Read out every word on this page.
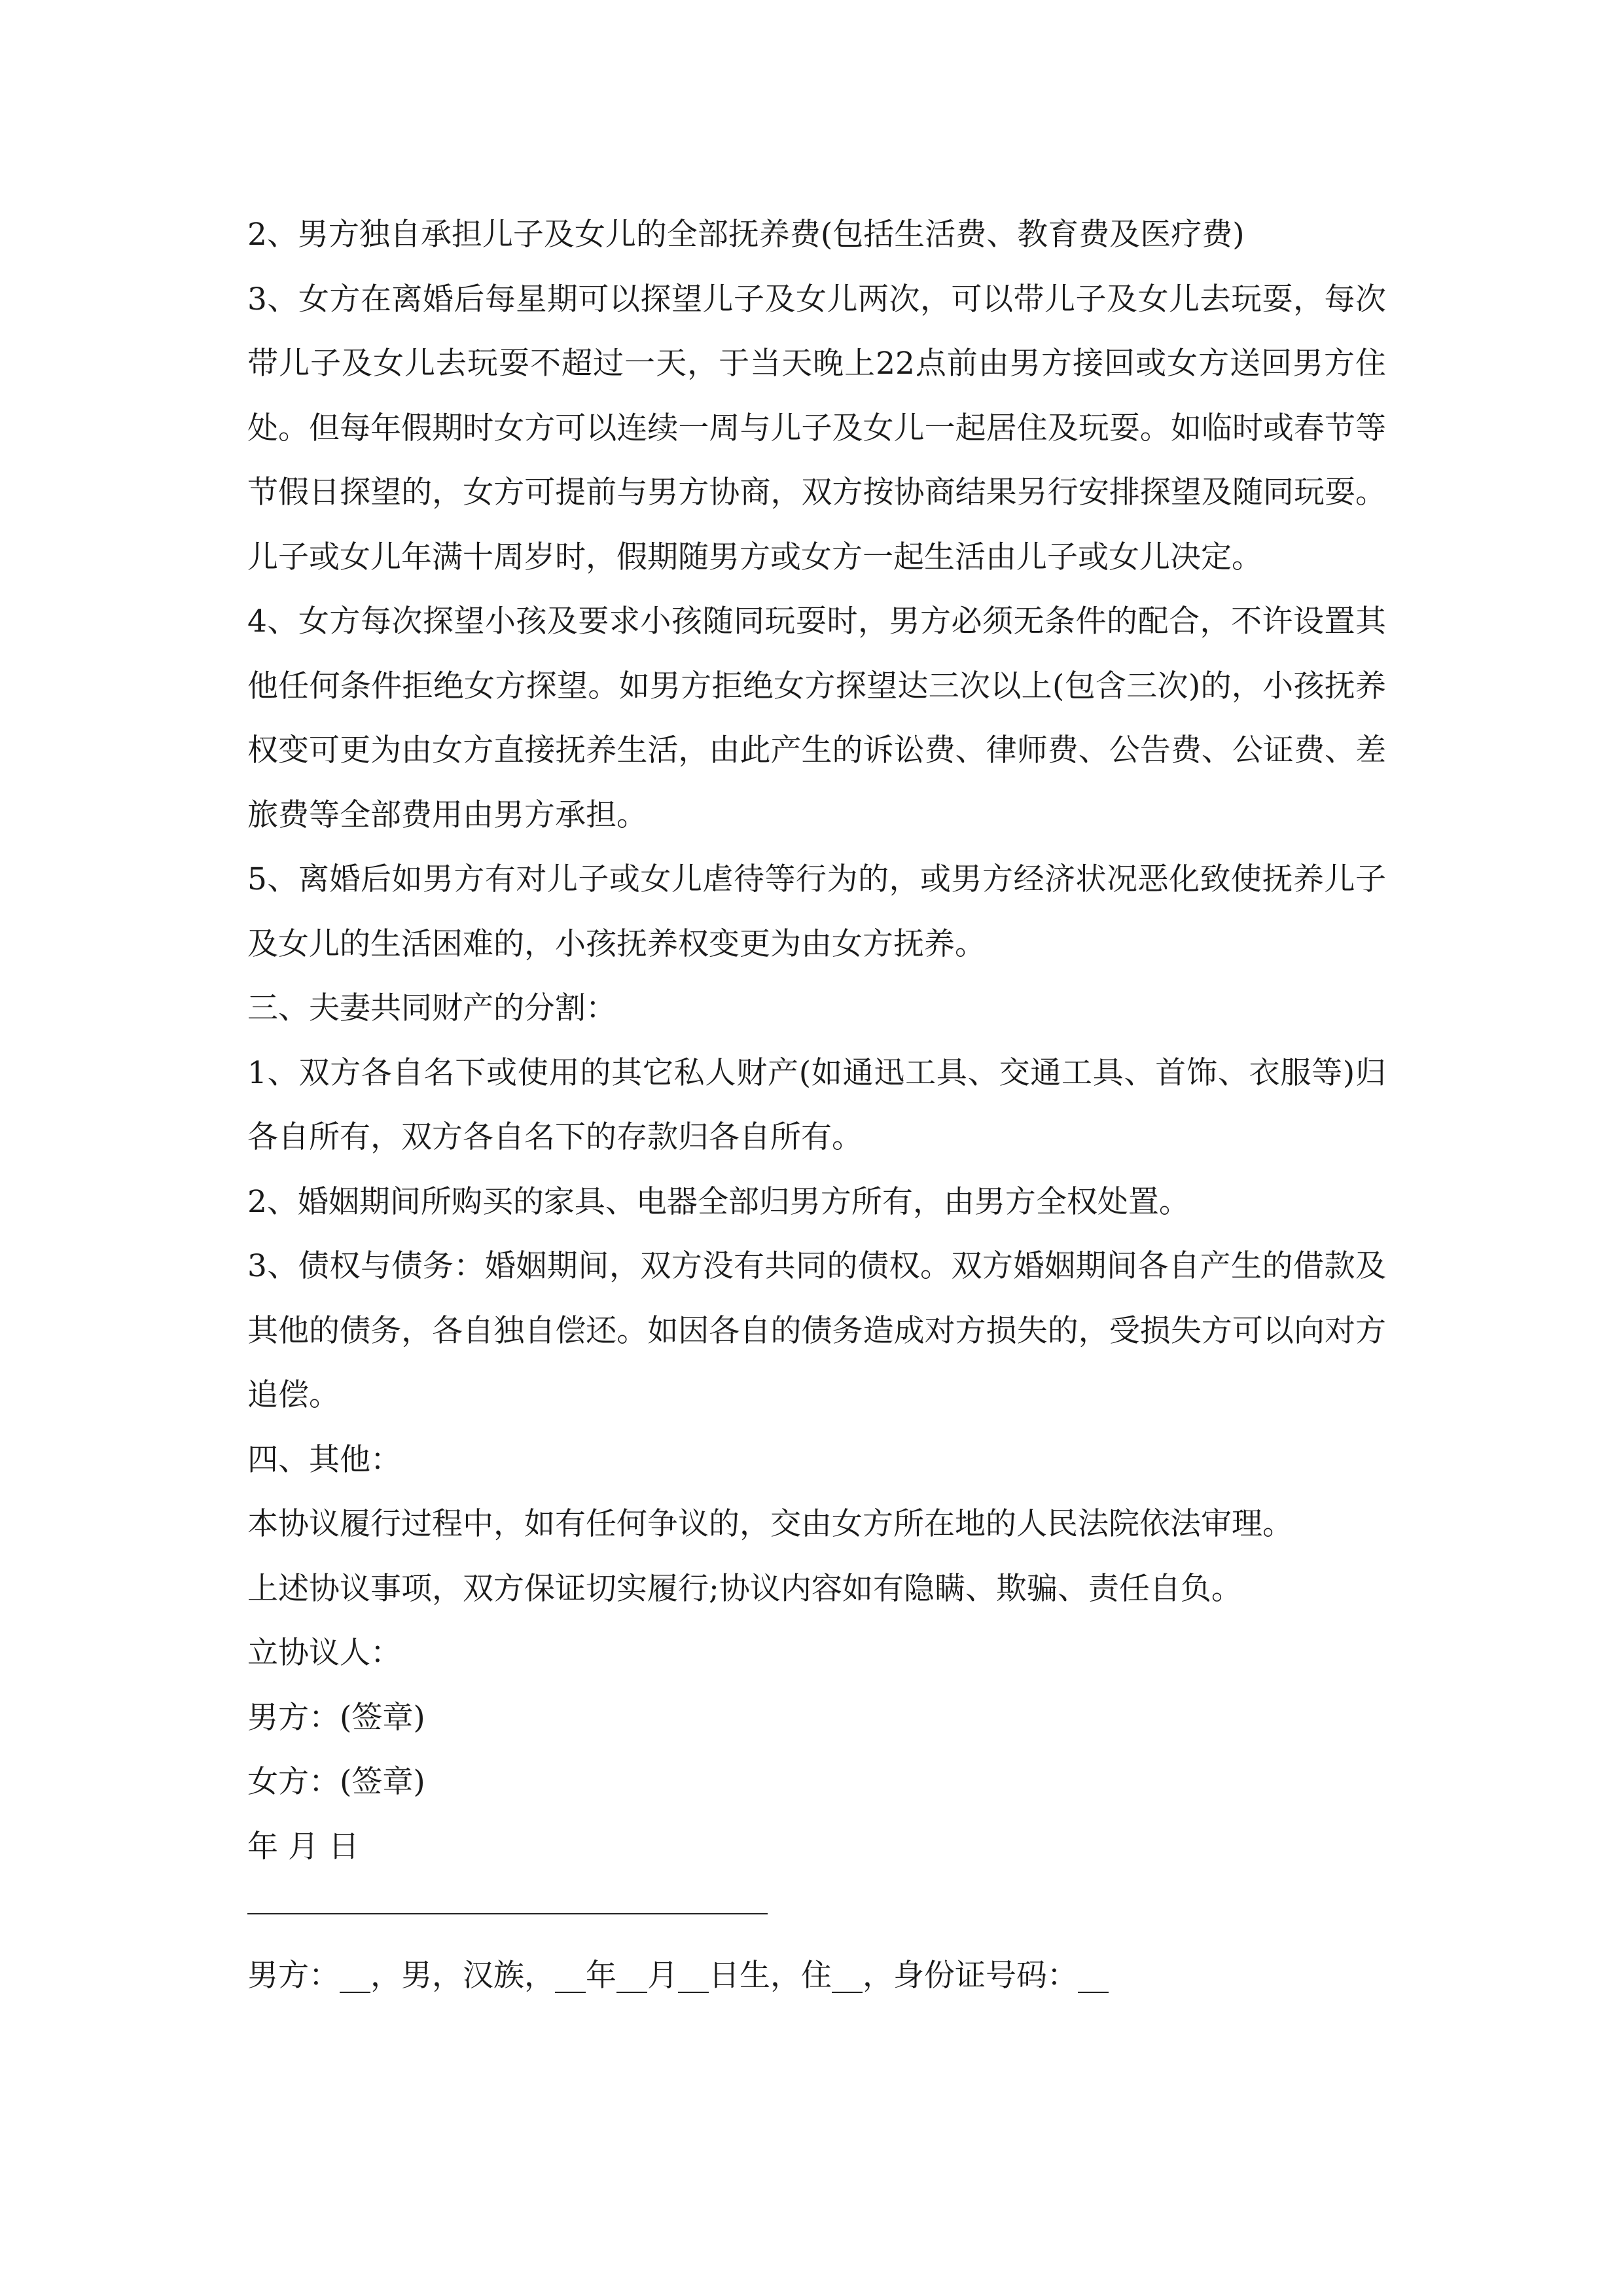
2、男方独自承担儿子及女儿的全部抚养费(包括生活费、教育费及医疗费)

3、女方在离婚后每星期可以探望儿子及女儿两次，可以带儿子及女儿去玩耍，每次带儿子及女儿去玩耍不超过一天，于当天晚上22点前由男方接回或女方送回男方住处。但每年假期时女方可以连续一周与儿子及女儿一起居住及玩耍。如临时或春节等节假日探望的，女方可提前与男方协商，双方按协商结果另行安排探望及随同玩耍。儿子或女儿年满十周岁时，假期随男方或女方一起生活由儿子或女儿决定。

4、女方每次探望小孩及要求小孩随同玩耍时，男方必须无条件的配合，不许设置其他任何条件拒绝女方探望。如男方拒绝女方探望达三次以上(包含三次)的，小孩抚养权变可更为由女方直接抚养生活，由此产生的诉讼费、律师费、公告费、公证费、差旅费等全部费用由男方承担。

5、离婚后如男方有对儿子或女儿虐待等行为的，或男方经济状况恶化致使抚养儿子及女儿的生活困难的，小孩抚养权变更为由女方抚养。

三、夫妻共同财产的分割：

1、双方各自名下或使用的其它私人财产(如通迅工具、交通工具、首饰、衣服等)归各自所有，双方各自名下的存款归各自所有。

2、婚姻期间所购买的家具、电器全部归男方所有，由男方全权处置。

3、债权与债务：婚姻期间，双方没有共同的债权。双方婚姻期间各自产生的借款及其他的债务，各自独自偿还。如因各自的债务造成对方损失的，受损失方可以向对方追偿。

四、其他：

本协议履行过程中，如有任何争议的，交由女方所在地的人民法院依法审理。

上述协议事项，双方保证切实履行;协议内容如有隐瞒、欺骗、责任自负。

立协议人：

男方：(签章)

女方：(签章)

年 月 日

男方：__，男，汉族，__年__月__日生，住__，身份证号码：__
